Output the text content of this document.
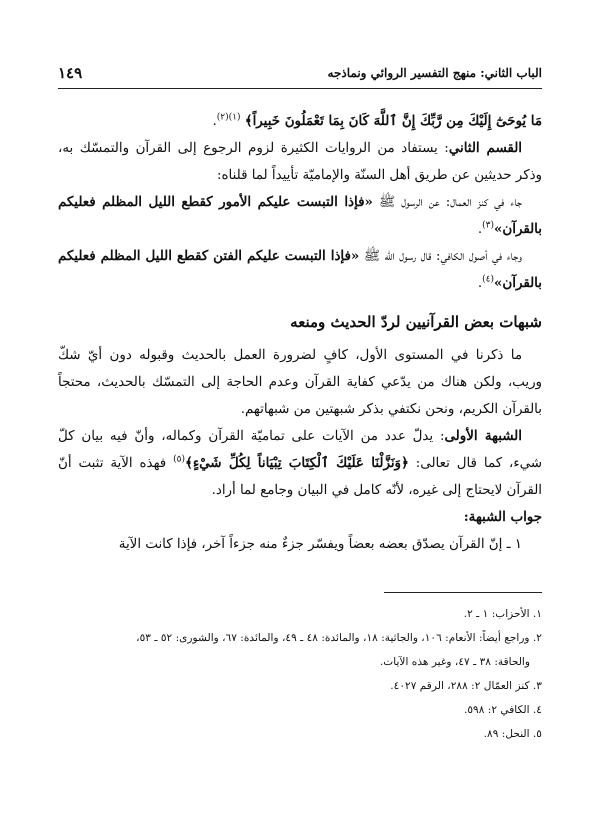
الباب الثاني: منهج التفسير الروائي ونماذجه
١٤٩

مَا يُوحَىٰٓ إِلَيْكَ مِن رَّبِّكَ إِنَّ ٱللَّهَ كَانَ بِمَا تَعْمَلُونَ خَبِيراً﴾ $^{(١)(٢)}$.

القسم الثاني: يستفاد من الروايات الكثيرة لزوم الرجوع إلى القرآن والتمسّك به، وذكر حديثين عن طريق أهل السنّة والإماميّة تأييداً لما قلناه:

جاء في كنز العمال: عن الرسول ﷺ «فإذا التبست عليكم الأمور كقطع الليل المظلم فعليكم بالقرآن»$^{(٣)}$.

وجاء في أصول الكافي: قال رسول الله ﷺ «فإذا التبست عليكم الفتن كقطع الليل المظلم فعليكم بالقرآن»$^{(٤)}$.

شبهات بعض القرآنيين لردّ الحديث ومنعه

ما ذكرنا في المستوى الأول، كافٍ لضرورة العمل بالحديث وقبوله دون أيّ شكّ وريب، ولكن هناك من يدّعي كفاية القرآن وعدم الحاجة إلى التمسّك بالحديث، محتجاً بالقرآن الكريم، ونحن نكتفي بذكر شبهتين من شبهاتهم.

الشبهة الأولى: يدلّ عدد من الآيات على تماميّة القرآن وكماله، وأنّ فيه بيان كلّ شيء، كما قال تعالى: ﴿وَنَزَّلْنَا عَلَيْكَ ٱلْكِتَابَ تِبْيَاناً لِكُلِّ شَيْءٍ﴾$^{(٥)}$ فهذه الآية تثبت أنّ القرآن لايحتاج إلى غيره، لأنّه كامل في البيان وجامع لما أراد.

جواب الشبهة:

١ ـ إنّ القرآن يصدّق بعضه بعضاً ويفسّر جزءٌ منه جزءاً آخر، فإذا كانت الآية

١. الأحزاب: ١ ـ ٢.

٢. وراجع أيضاً: الأنعام: ١٠٦، والجاثية: ١٨، والمائدة: ٤٨ ـ ٤٩، والمائدة: ٦٧، والشورى: ٥٢ ـ ٥٣،

والحاقة: ٣٨ ـ ٤٧، وغير هذه الآيات.

٣. كنز العمّال ٢: ٢٨٨، الرقم ٤٠٢٧.

٤. الكافي ٢: ٥٩٨.

٥. النحل: ٨٩.
